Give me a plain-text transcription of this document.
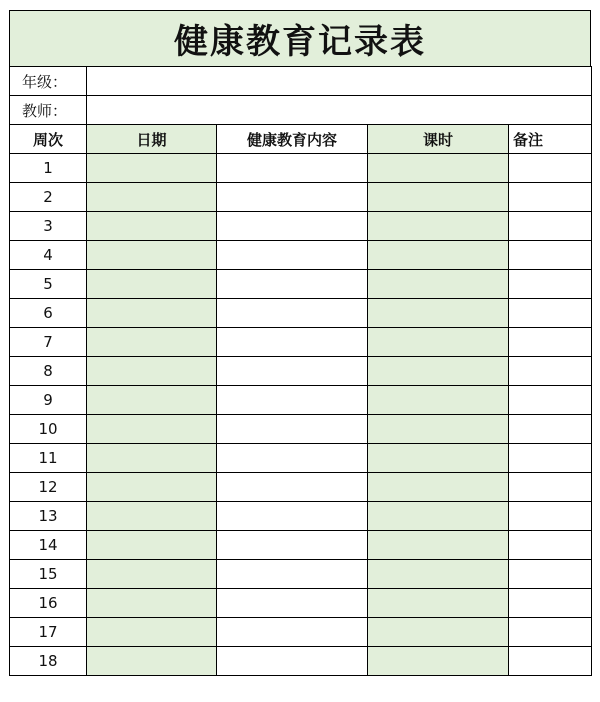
健康教育记录表
年级：				
教师：				
周次	日期	健康教育内容	课时	备注
1				
2				
3				
4				
5				
6				
7				
8				
9				
10				
11				
12				
13				
14				
15				
16				
17				
18				
